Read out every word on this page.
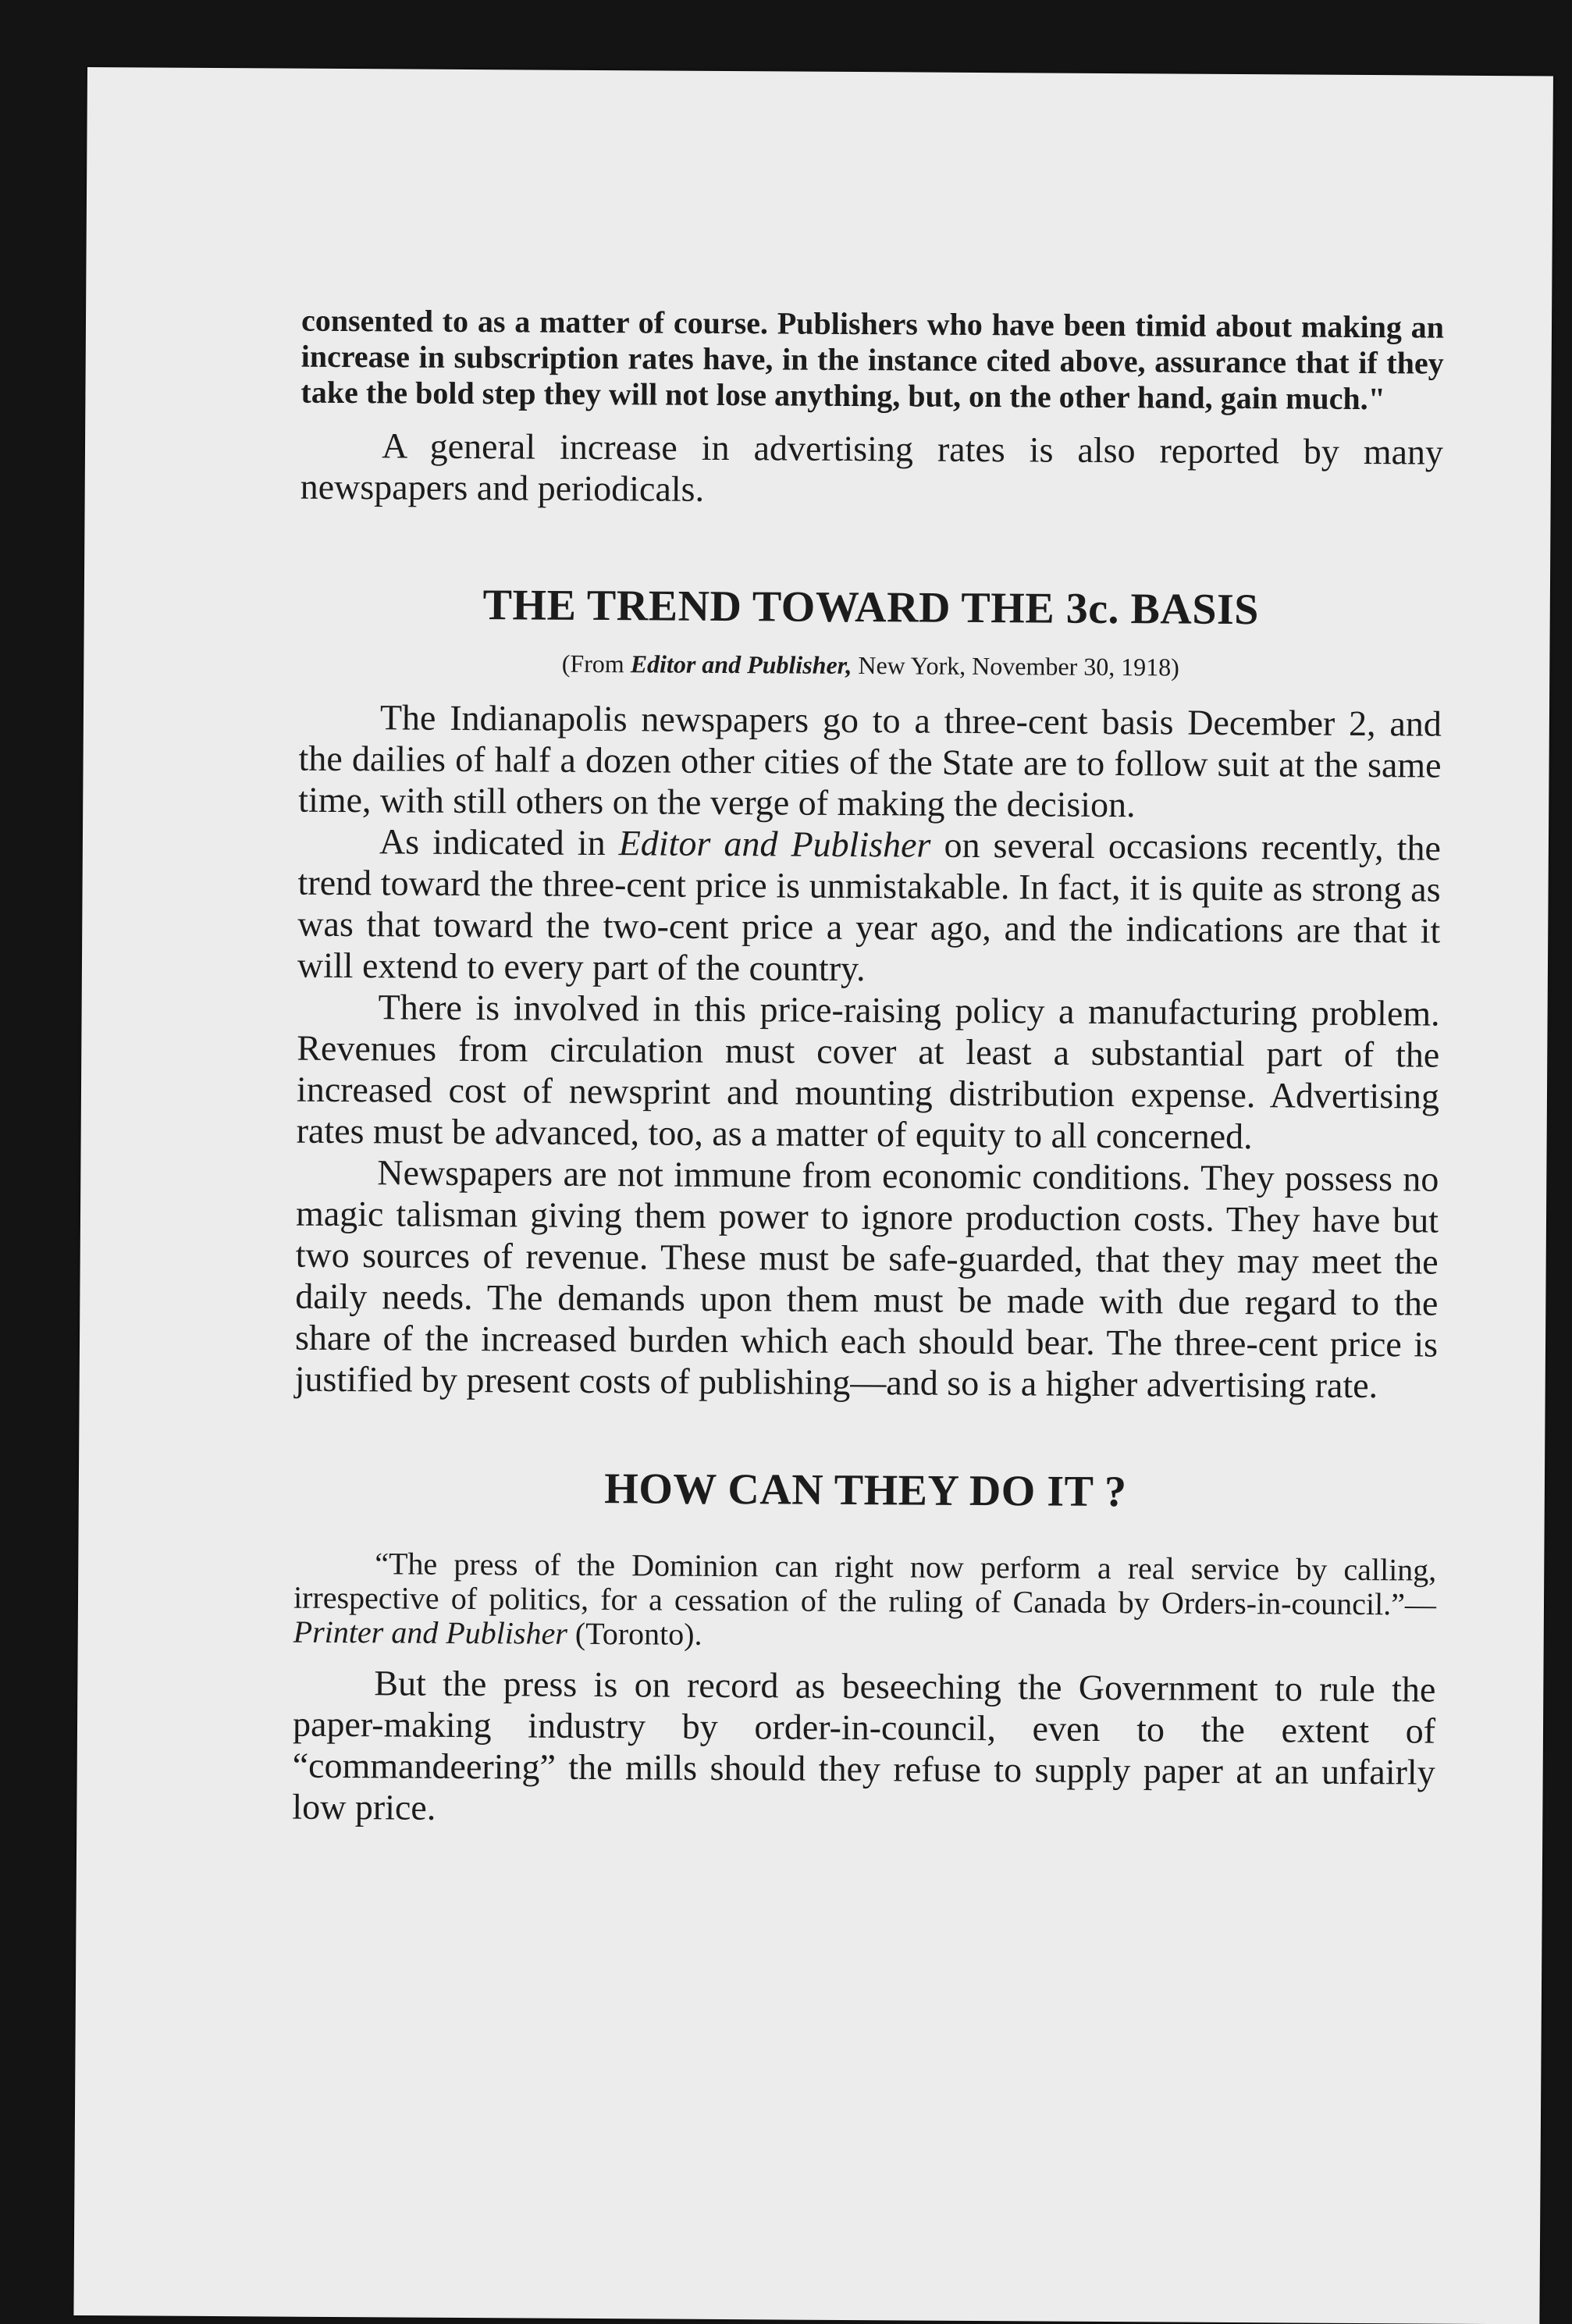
consented to as a matter of course. Publishers who have been timid about making an increase in subscription rates have, in the instance cited above, assurance that if they take the bold step they will not lose anything, but, on the other hand, gain much."

A general increase in advertising rates is also reported by many newspapers and periodicals.

THE TREND TOWARD THE 3c. BASIS
(From Editor and Publisher, New York, November 30, 1918)

The Indianapolis newspapers go to a three-cent basis December 2, and the dailies of half a dozen other cities of the State are to follow suit at the same time, with still others on the verge of making the decision.

As indicated in Editor and Publisher on several occasions recently, the trend toward the three-cent price is unmistakable. In fact, it is quite as strong as was that toward the two-cent price a year ago, and the indications are that it will extend to every part of the country.

There is involved in this price-raising policy a manufacturing problem. Revenues from circulation must cover at least a substantial part of the increased cost of newsprint and mounting distribution expense. Advertising rates must be advanced, too, as a matter of equity to all concerned.

Newspapers are not immune from economic conditions. They possess no magic talisman giving them power to ignore production costs. They have but two sources of revenue. These must be safe-guarded, that they may meet the daily needs. The demands upon them must be made with due regard to the share of the increased burden which each should bear. The three-cent price is justified by present costs of publishing—and so is a higher advertising rate.

HOW CAN THEY DO IT ?

“The press of the Dominion can right now perform a real service by calling, irrespective of politics, for a cessation of the ruling of Canada by Orders-in-council.”—Printer and Publisher (Toronto).

But the press is on record as beseeching the Government to rule the paper-making industry by order-in-council, even to the extent of “commandeering” the mills should they refuse to supply paper at an unfairly low price.
